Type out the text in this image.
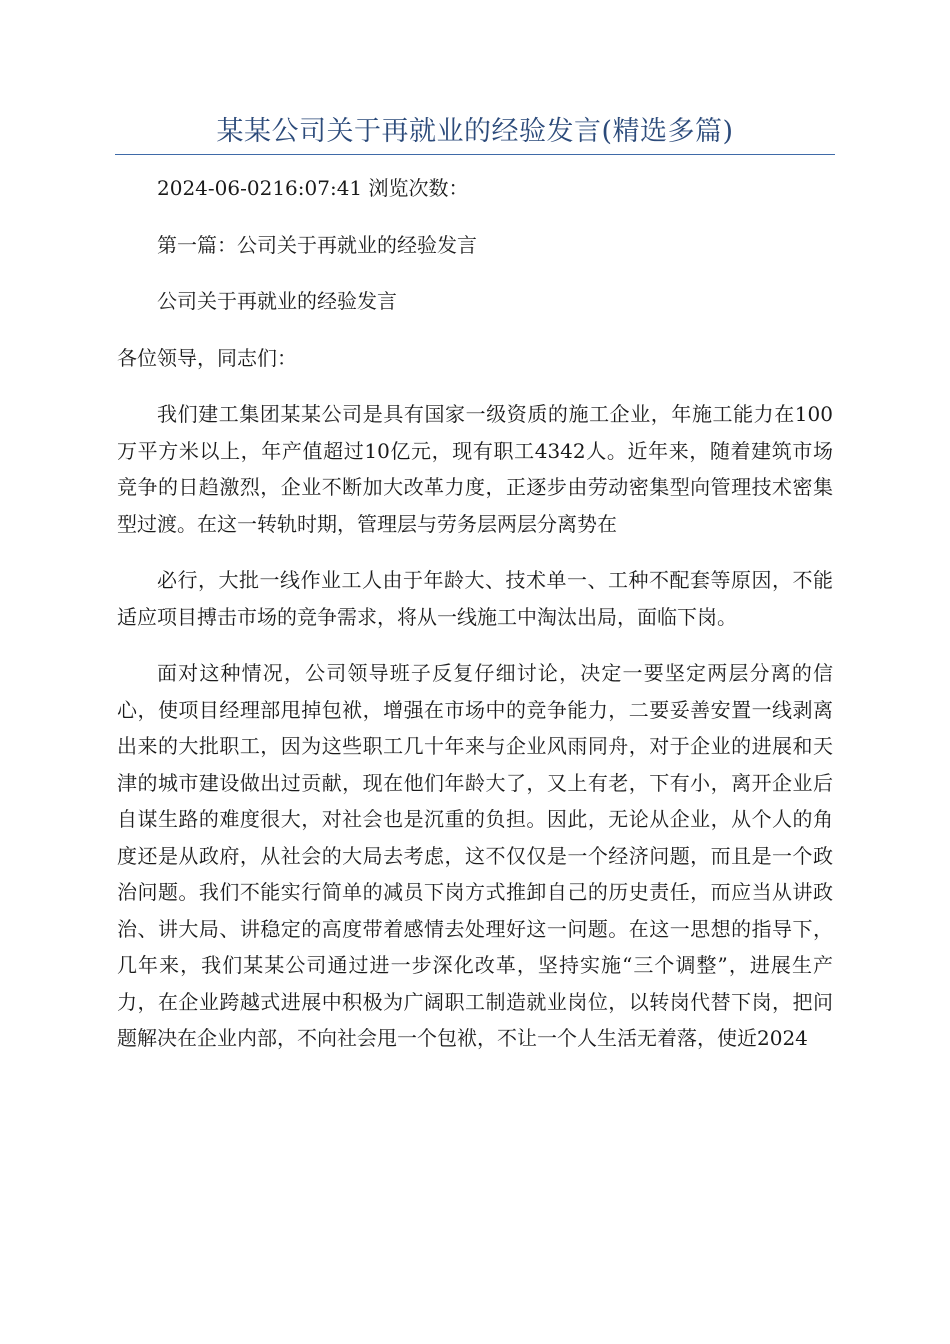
某某公司关于再就业的经验发言(精选多篇)

2024-06-0216:07:41 浏览次数：

第一篇：公司关于再就业的经验发言

公司关于再就业的经验发言

各位领导，同志们：

我们建工集团某某公司是具有国家一级资质的施工企业，年施工能力在100万平方米以上，年产值超过10亿元，现有职工4342人。近年来，随着建筑市场竞争的日趋激烈，企业不断加大改革力度，正逐步由劳动密集型向管理技术密集型过渡。在这一转轨时期，管理层与劳务层两层分离势在

必行，大批一线作业工人由于年龄大、技术单一、工种不配套等原因，不能适应项目搏击市场的竞争需求，将从一线施工中淘汰出局，面临下岗。

面对这种情况，公司领导班子反复仔细讨论，决定一要坚定两层分离的信心，使项目经理部甩掉包袱，增强在市场中的竞争能力，二要妥善安置一线剥离出来的大批职工，因为这些职工几十年来与企业风雨同舟，对于企业的进展和天津的城市建设做出过贡献，现在他们年龄大了，又上有老，下有小，离开企业后自谋生路的难度很大，对社会也是沉重的负担。因此，无论从企业，从个人的角度还是从政府，从社会的大局去考虑，这不仅仅是一个经济问题，而且是一个政治问题。我们不能实行简单的减员下岗方式推卸自己的历史责任，而应当从讲政治、讲大局、讲稳定的高度带着感情去处理好这一问题。在这一思想的指导下，几年来，我们某某公司通过进一步深化改革，坚持实施“三个调整”，进展生产力，在企业跨越式进展中积极为广阔职工制造就业岗位，以转岗代替下岗，把问题解决在企业内部，不向社会甩一个包袱，不让一个人生活无着落，使近2024
